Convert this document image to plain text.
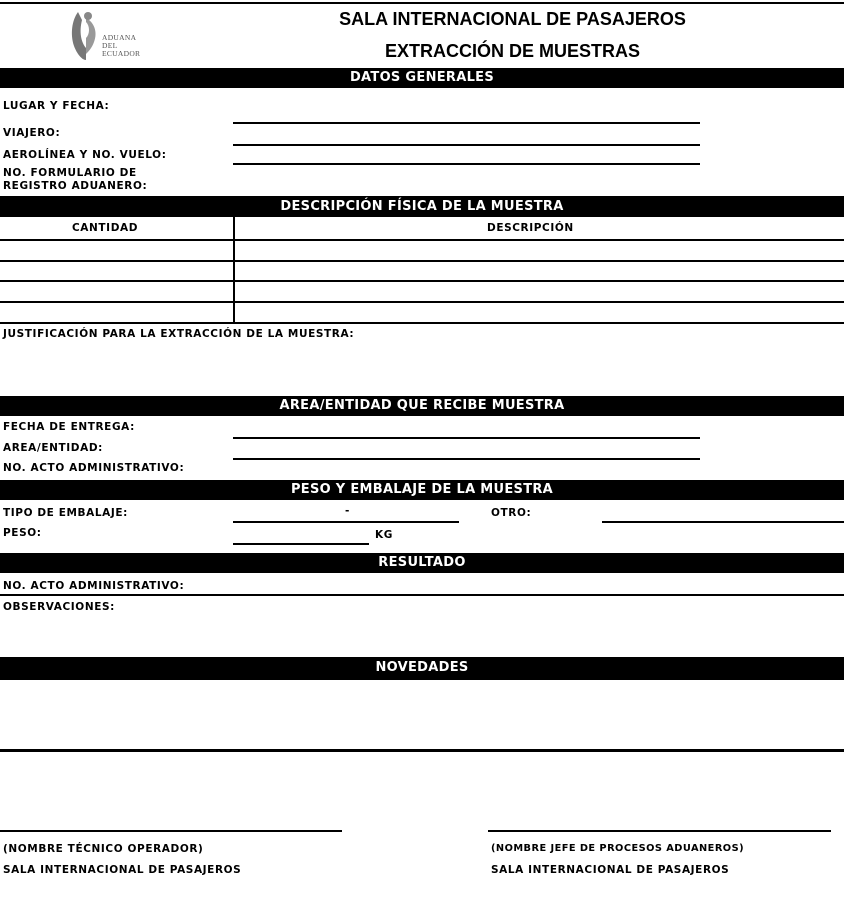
ADUANA
DEL
ECUADOR
SALA INTERNACIONAL DE PASAJEROS
EXTRACCIÓN DE MUESTRAS
DATOS GENERALES
LUGAR Y FECHA:
VIAJERO:
AEROLÍNEA Y NO. VUELO:
NO. FORMULARIO DE
REGISTRO ADUANERO:
DESCRIPCIÓN FÍSICA DE LA MUESTRA
CANTIDAD	DESCRIPCIÓN
JUSTIFICACIÓN PARA LA EXTRACCIÓN DE LA MUESTRA:
AREA/ENTIDAD QUE RECIBE MUESTRA
FECHA DE ENTREGA:
AREA/ENTIDAD:
NO. ACTO ADMINISTRATIVO:
PESO Y EMBALAJE DE LA MUESTRA
TIPO DE EMBALAJE:	-	OTRO:
PESO:	KG
RESULTADO
NO. ACTO ADMINISTRATIVO:
OBSERVACIONES:
NOVEDADES
(NOMBRE TÉCNICO OPERADOR)
SALA INTERNACIONAL DE PASAJEROS
(NOMBRE JEFE DE PROCESOS ADUANEROS)
SALA INTERNACIONAL DE PASAJEROS
